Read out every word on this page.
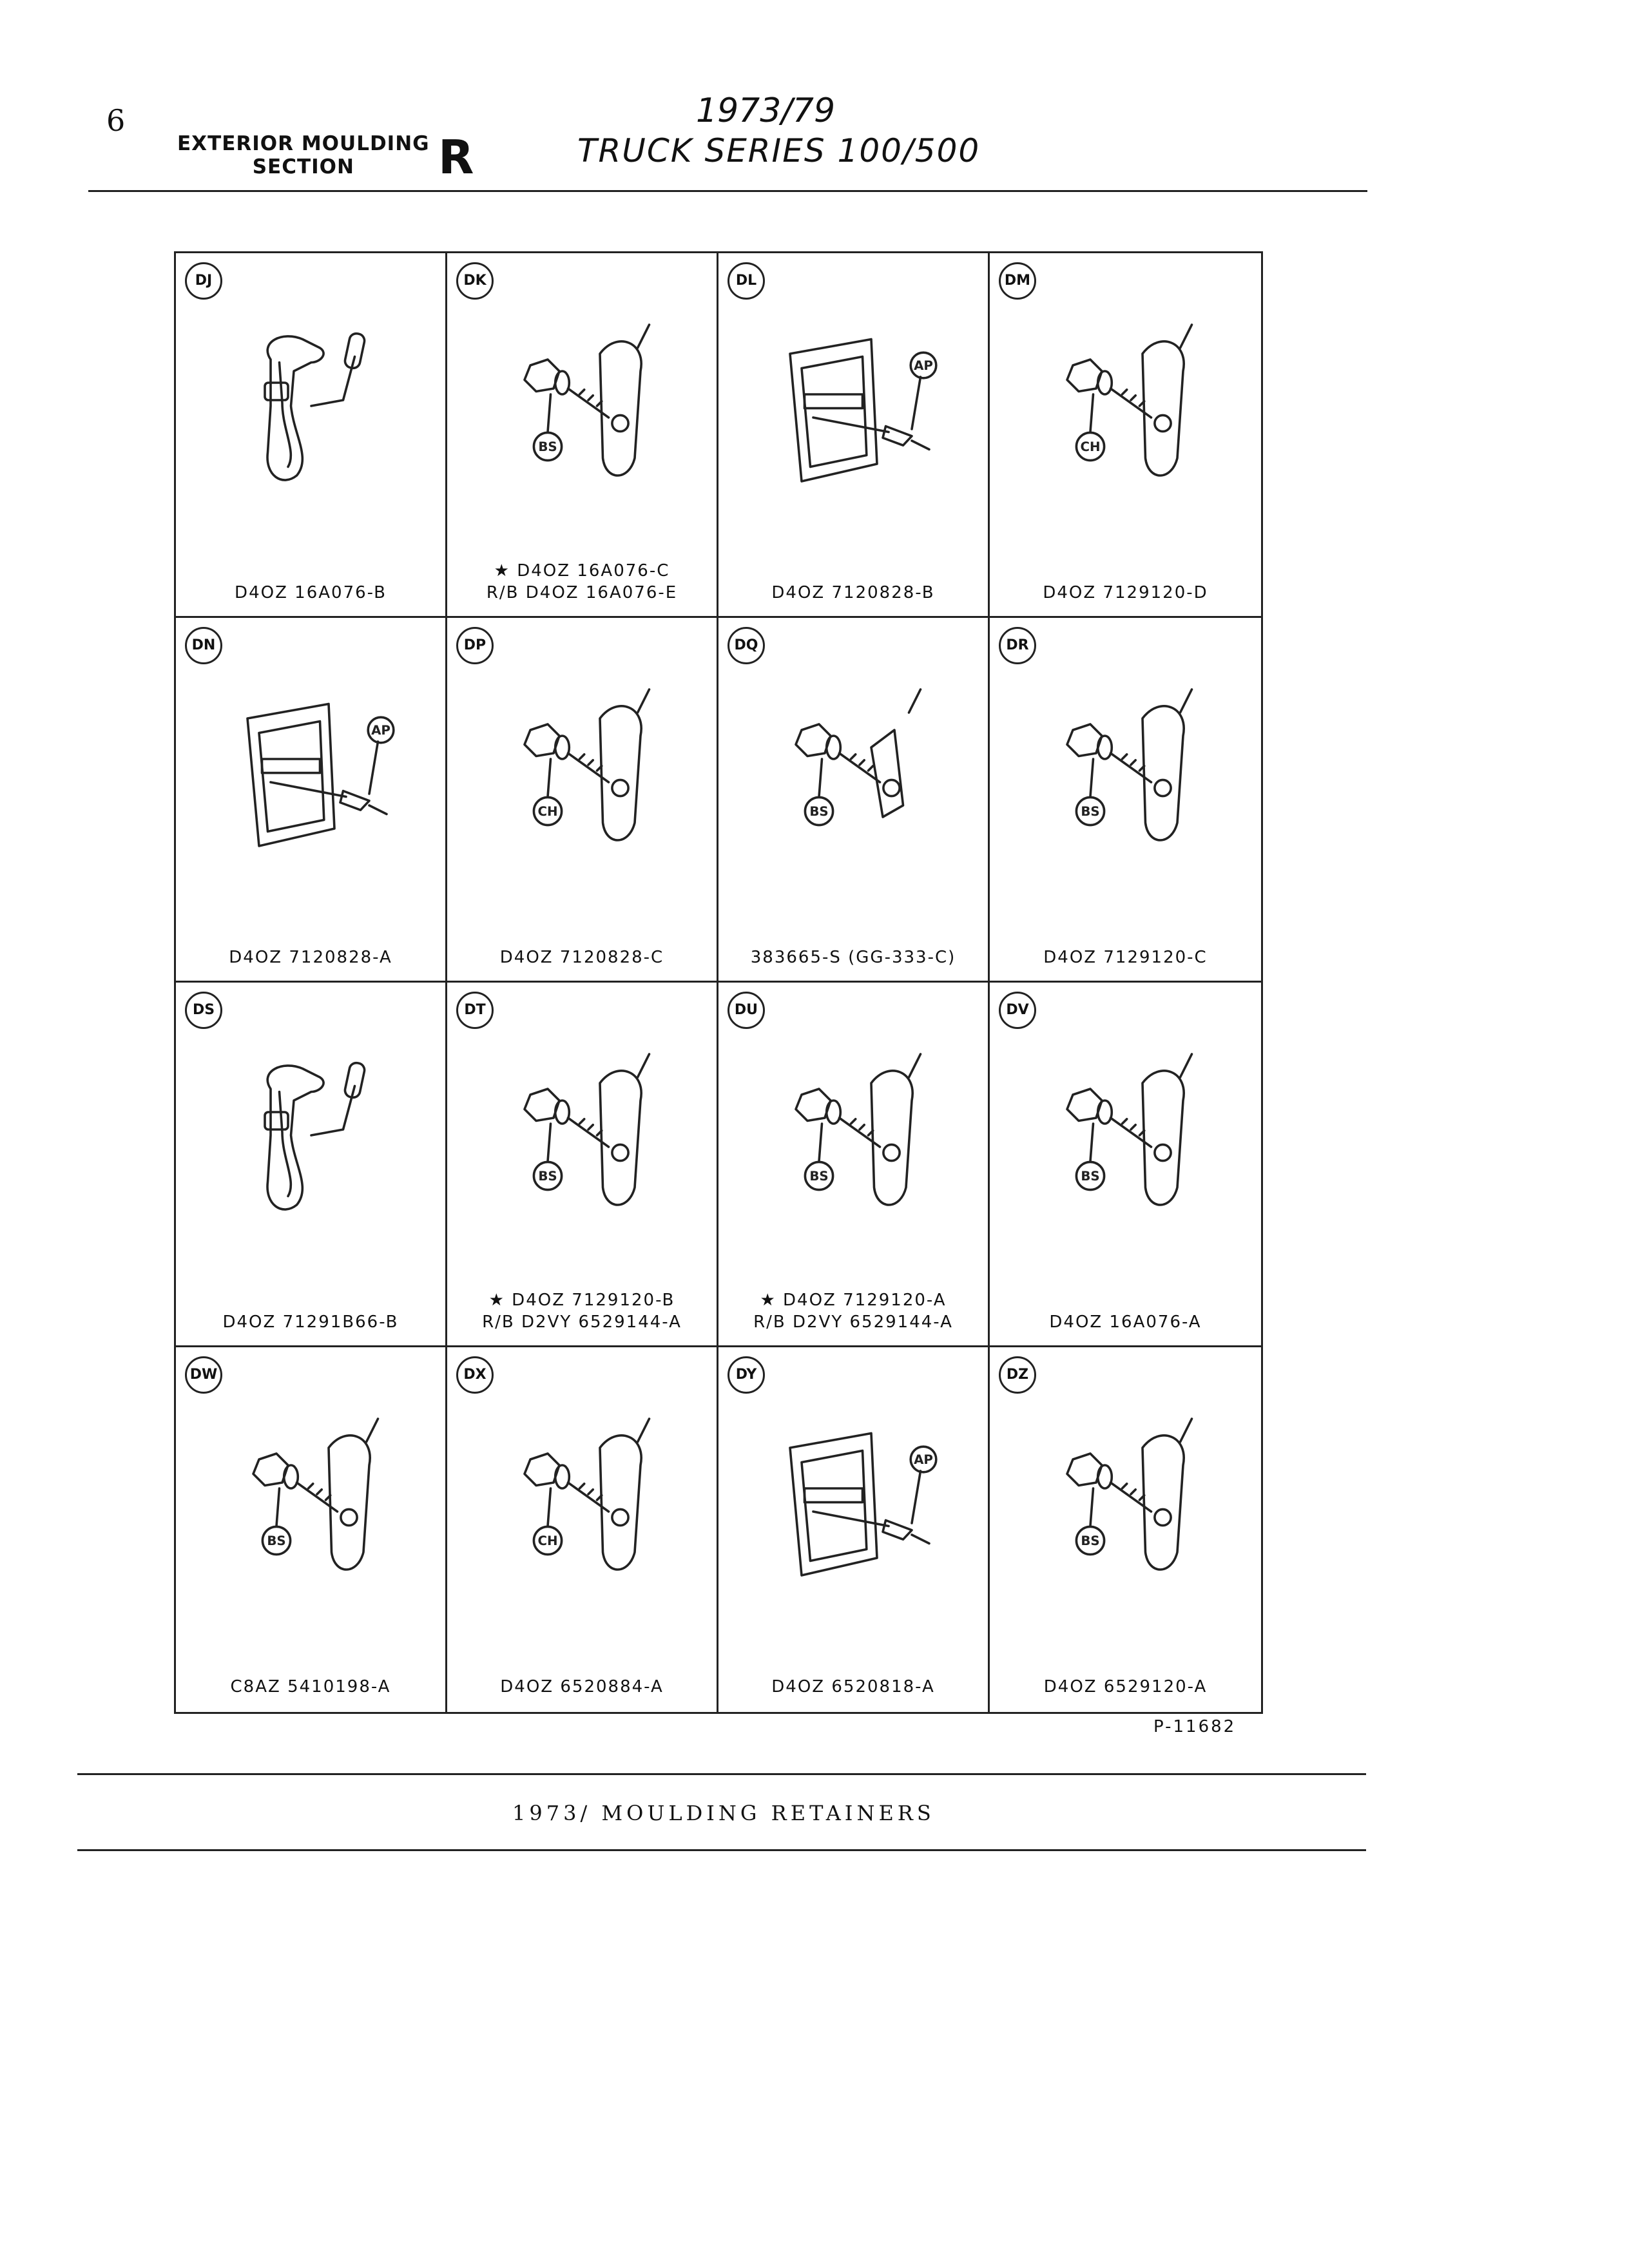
6
EXTERIOR MOULDING
SECTION	R
1973/79
TRUCK SERIES 100/500
DJ
D4OZ 16A076-B
DK
BS
★ D4OZ 16A076-C
R/B D4OZ 16A076-E
DL
AP
D4OZ 7120828-B
DM
CH
D4OZ 7129120-D
DN
AP
D4OZ 7120828-A
DP
CH
D4OZ 7120828-C
DQ
BS
383665-S (GG-333-C)
DR
BS
D4OZ 7129120-C
DS
D4OZ 71291B66-B
DT
BS
★ D4OZ 7129120-B
R/B D2VY 6529144-A
DU
BS
★ D4OZ 7129120-A
R/B D2VY 6529144-A
DV
BS
D4OZ 16A076-A
DW
BS
C8AZ 5410198-A
DX
CH
D4OZ 6520884-A
DY
AP
D4OZ 6520818-A
DZ
BS
D4OZ 6529120-A
P-11682
1973/ MOULDING RETAINERS
